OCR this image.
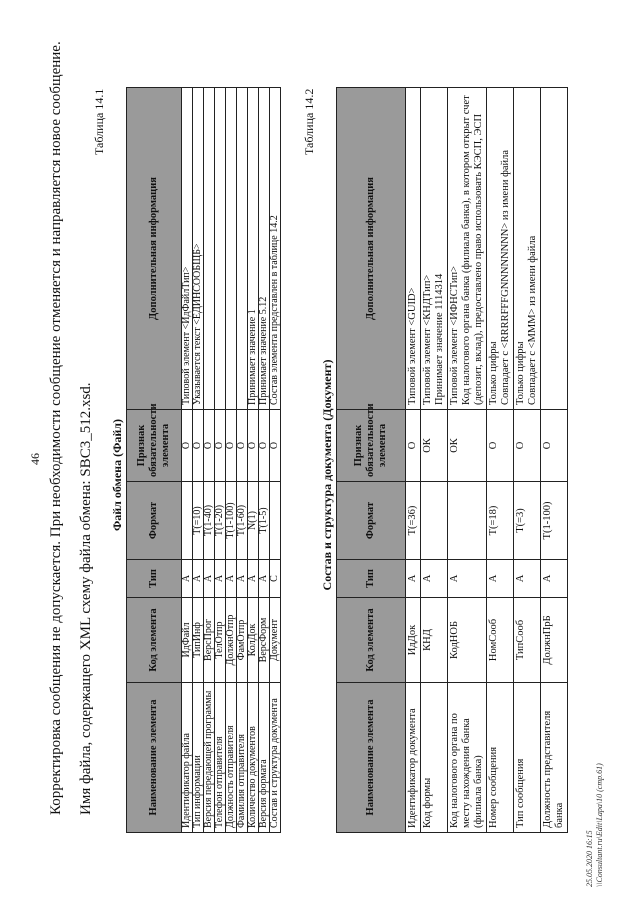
46 Корректировка сообщения не допускается. При необходимости сообщение отменяется и направляется новое сообщение. Имя файла, содержащего XML схему файла обмена: SBC3_512.xsd.
Таблица 14.1
Файл обмена (Файл)
Наименование элемента	Код элемента	Тип	Формат	Признак обязательности элемента	Дополнительная информация
Идентификатор файла	ИдФайл	А		О	Типовой элемент <ИдФайлТип>
Тип информации	ТипИнф	А	T(=10)	О	Указывается текст <ЕДИНСООБЩБ>
Версия передающей программы	ВерсПрог	А	T(1-40)	О	
Телефон отправителя	ТелОтпр	А	T(1-20)	О	
Должность отправителя	ДолжнОтпр	А	T(1-100)	О	
Фамилия отправителя	ФамОтпр	А	T(1-60)	О	
Количество документов	КолДок	А	N(1)	О	Принимает значение 1
Версия формата	ВерсФорм	А	T(1-5)	О	Принимает значение 5.12
Состав и структура документа	Документ	С		О	Состав элемента представлен в таблице 14.2
Таблица 14.2
Состав и структура документа (Документ)
Наименование элемента	Код элемента	Тип	Формат	Признак обязательности элемента	Дополнительная информация
Идентификатор документа	ИдДок	А	T(=36)	О	Типовой элемент <GUID>
Код формы	КНД	А		ОК	Типовой элемент <КНДТип>
Принимает значение 1114314
Код налогового органа по месту нахождения банка (филиала банка)	КодНОБ	А		ОК	Типовой элемент <ИФНСТип>
Код налогового органа банка (филиала банка), в котором открыт счет (депозит, вклад), предоставлено право использовать КЭСП, ЭСП
Номер сообщения	НомСооб	А	T(=18)	О	Только цифры
Совпадает с <RRRRFFFGNNNNNNNN> из имени файла
Тип сообщения	ТипСооб	А	T(=3)	О	Только цифры
Совпадает с <MMM> из имени файла
Должность представителя банка	ДолжнПрБ	А	T(1-100)	О	
25.05.2020 16:15 \\Consultant.ru\Edit\Lapa\10 (стр.61)
